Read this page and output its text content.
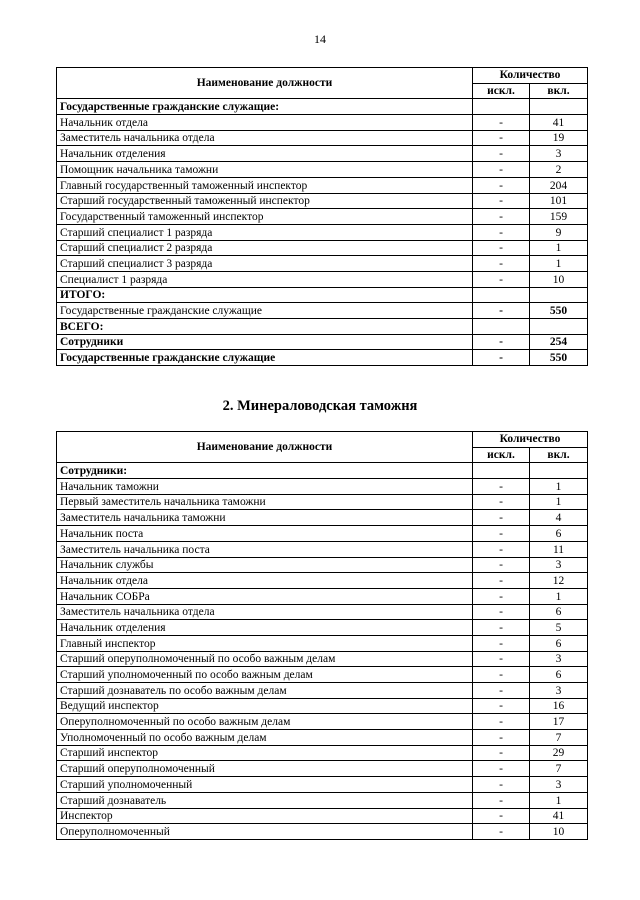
14
Наименование должности	Количество	
	искл.	вкл.
Государственные гражданские служащие:		
Начальник отдела	-	41
Заместитель начальника отдела	-	19
Начальник отделения	-	3
Помощник начальника таможни	-	2
Главный государственный таможенный инспектор	-	204
Старший государственный таможенный инспектор	-	101
Государственный таможенный инспектор	-	159
Старший специалист 1 разряда	-	9
Старший специалист 2 разряда	-	1
Старший специалист 3 разряда	-	1
Специалист 1 разряда	-	10
ИТОГО:		
Государственные гражданские служащие	-	550
ВСЕГО:		
Сотрудники	-	254
Государственные гражданские служащие	-	550
2. Минераловодская таможня
Наименование должности	Количество	
	искл.	вкл.
Сотрудники:		
Начальник таможни	-	1
Первый заместитель начальника таможни	-	1
Заместитель начальника таможни	-	4
Начальник поста	-	6
Заместитель начальника поста	-	11
Начальник службы	-	3
Начальник отдела	-	12
Начальник СОБРа	-	1
Заместитель начальника отдела	-	6
Начальник отделения	-	5
Главный инспектор	-	6
Старший оперуполномоченный по особо важным делам	-	3
Старший уполномоченный по особо важным делам	-	6
Старший дознаватель по особо важным делам	-	3
Ведущий инспектор	-	16
Оперуполномоченный по особо важным делам	-	17
Уполномоченный по особо важным делам	-	7
Старший инспектор	-	29
Старший оперуполномоченный	-	7
Старший уполномоченный	-	3
Старший дознаватель	-	1
Инспектор	-	41
Оперуполномоченный	-	10
